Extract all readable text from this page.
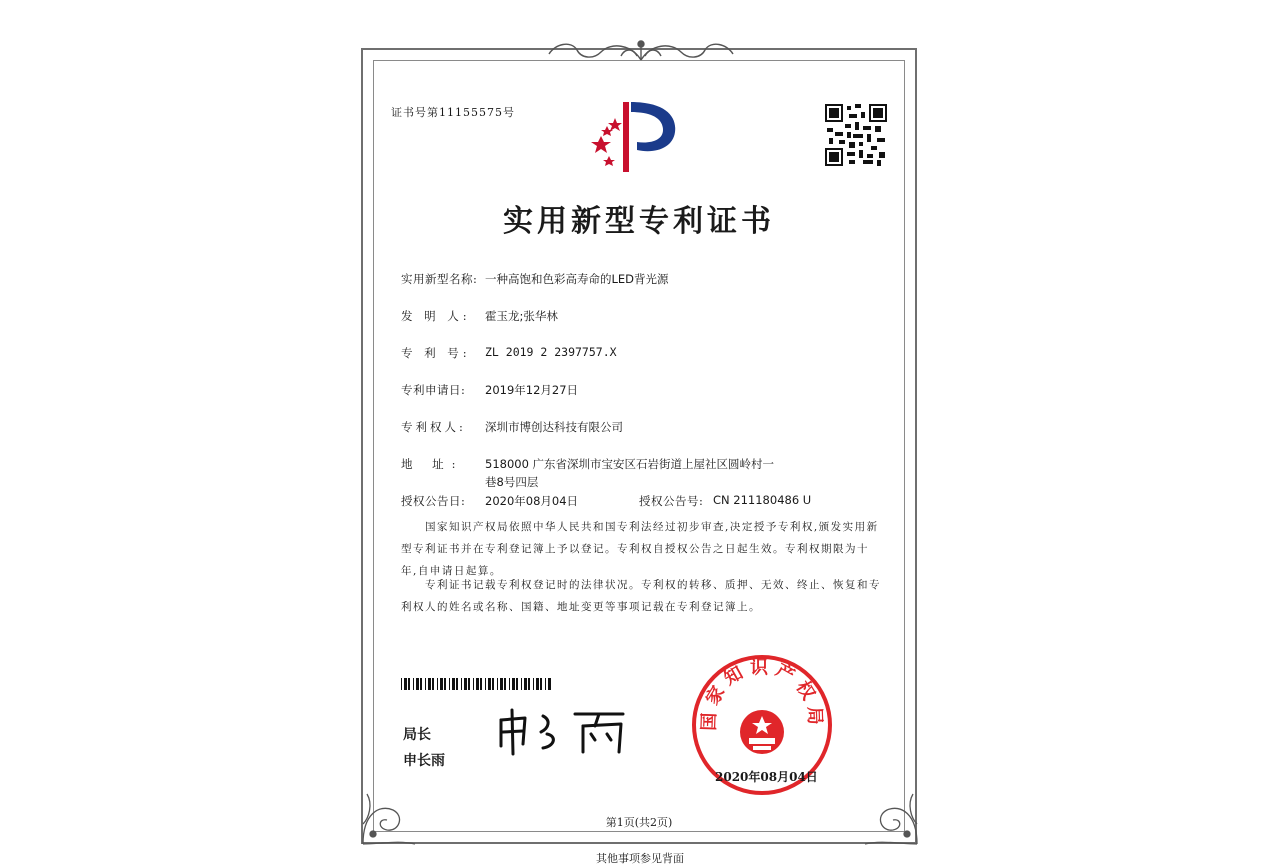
证书号第11155575号
实用新型专利证书
实用新型名称: 一种高饱和色彩高寿命的LED背光源
发 明 人: 霍玉龙;张华林
专 利 号: ZL 2019 2 2397757.X
专利申请日: 2019年12月27日
专利权人: 深圳市博创达科技有限公司
地 址: 518000 广东省深圳市宝安区石岩街道上屋社区圆岭村一
巷8号四层
授权公告日: 2020年08月04日	授权公告号: CN 211180486 U
国家知识产权局依照中华人民共和国专利法经过初步审查,决定授予专利权,颁发实用新型专利证书并在专利登记簿上予以登记。专利权自授权公告之日起生效。专利权期限为十年,自申请日起算。
专利证书记载专利权登记时的法律状况。专利权的转移、质押、无效、终止、恢复和专利权人的姓名或名称、国籍、地址变更等事项记载在专利登记簿上。
局长
申长雨
国家知识产权局
2020年08月04日
第1页(共2页)
其他事项参见背面
